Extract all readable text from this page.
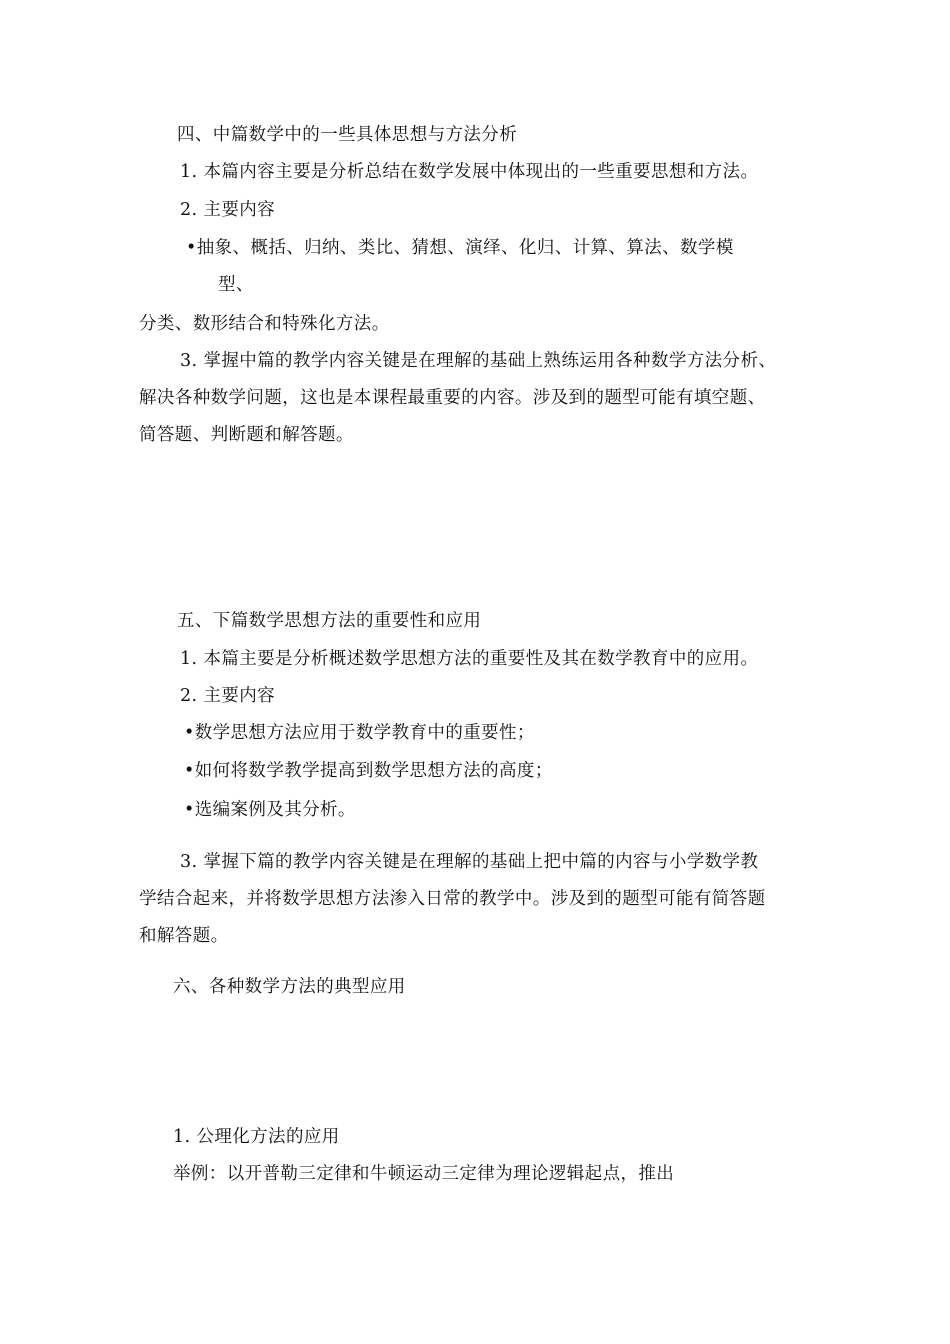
四、中篇数学中的一些具体思想与方法分析
1. 本篇内容主要是分析总结在数学发展中体现出的一些重要思想和方法。
2. 主要内容
•抽象、概括、归纳、类比、猜想、演绎、化归、计算、算法、数学模
型、
分类、数形结合和特殊化方法。
3. 掌握中篇的教学内容关键是在理解的基础上熟练运用各种数学方法分析、
解决各种数学问题，这也是本课程最重要的内容。涉及到的题型可能有填空题、
简答题、判断题和解答题。
五、下篇数学思想方法的重要性和应用
1. 本篇主要是分析概述数学思想方法的重要性及其在数学教育中的应用。
2. 主要内容
•数学思想方法应用于数学教育中的重要性；
•如何将数学教学提高到数学思想方法的高度；
•选编案例及其分析。
3. 掌握下篇的教学内容关键是在理解的基础上把中篇的内容与小学数学教
学结合起来，并将数学思想方法渗入日常的教学中。涉及到的题型可能有简答题
和解答题。
六、各种数学方法的典型应用
1. 公理化方法的应用
举例：以开普勒三定律和牛顿运动三定律为理论逻辑起点，推出
